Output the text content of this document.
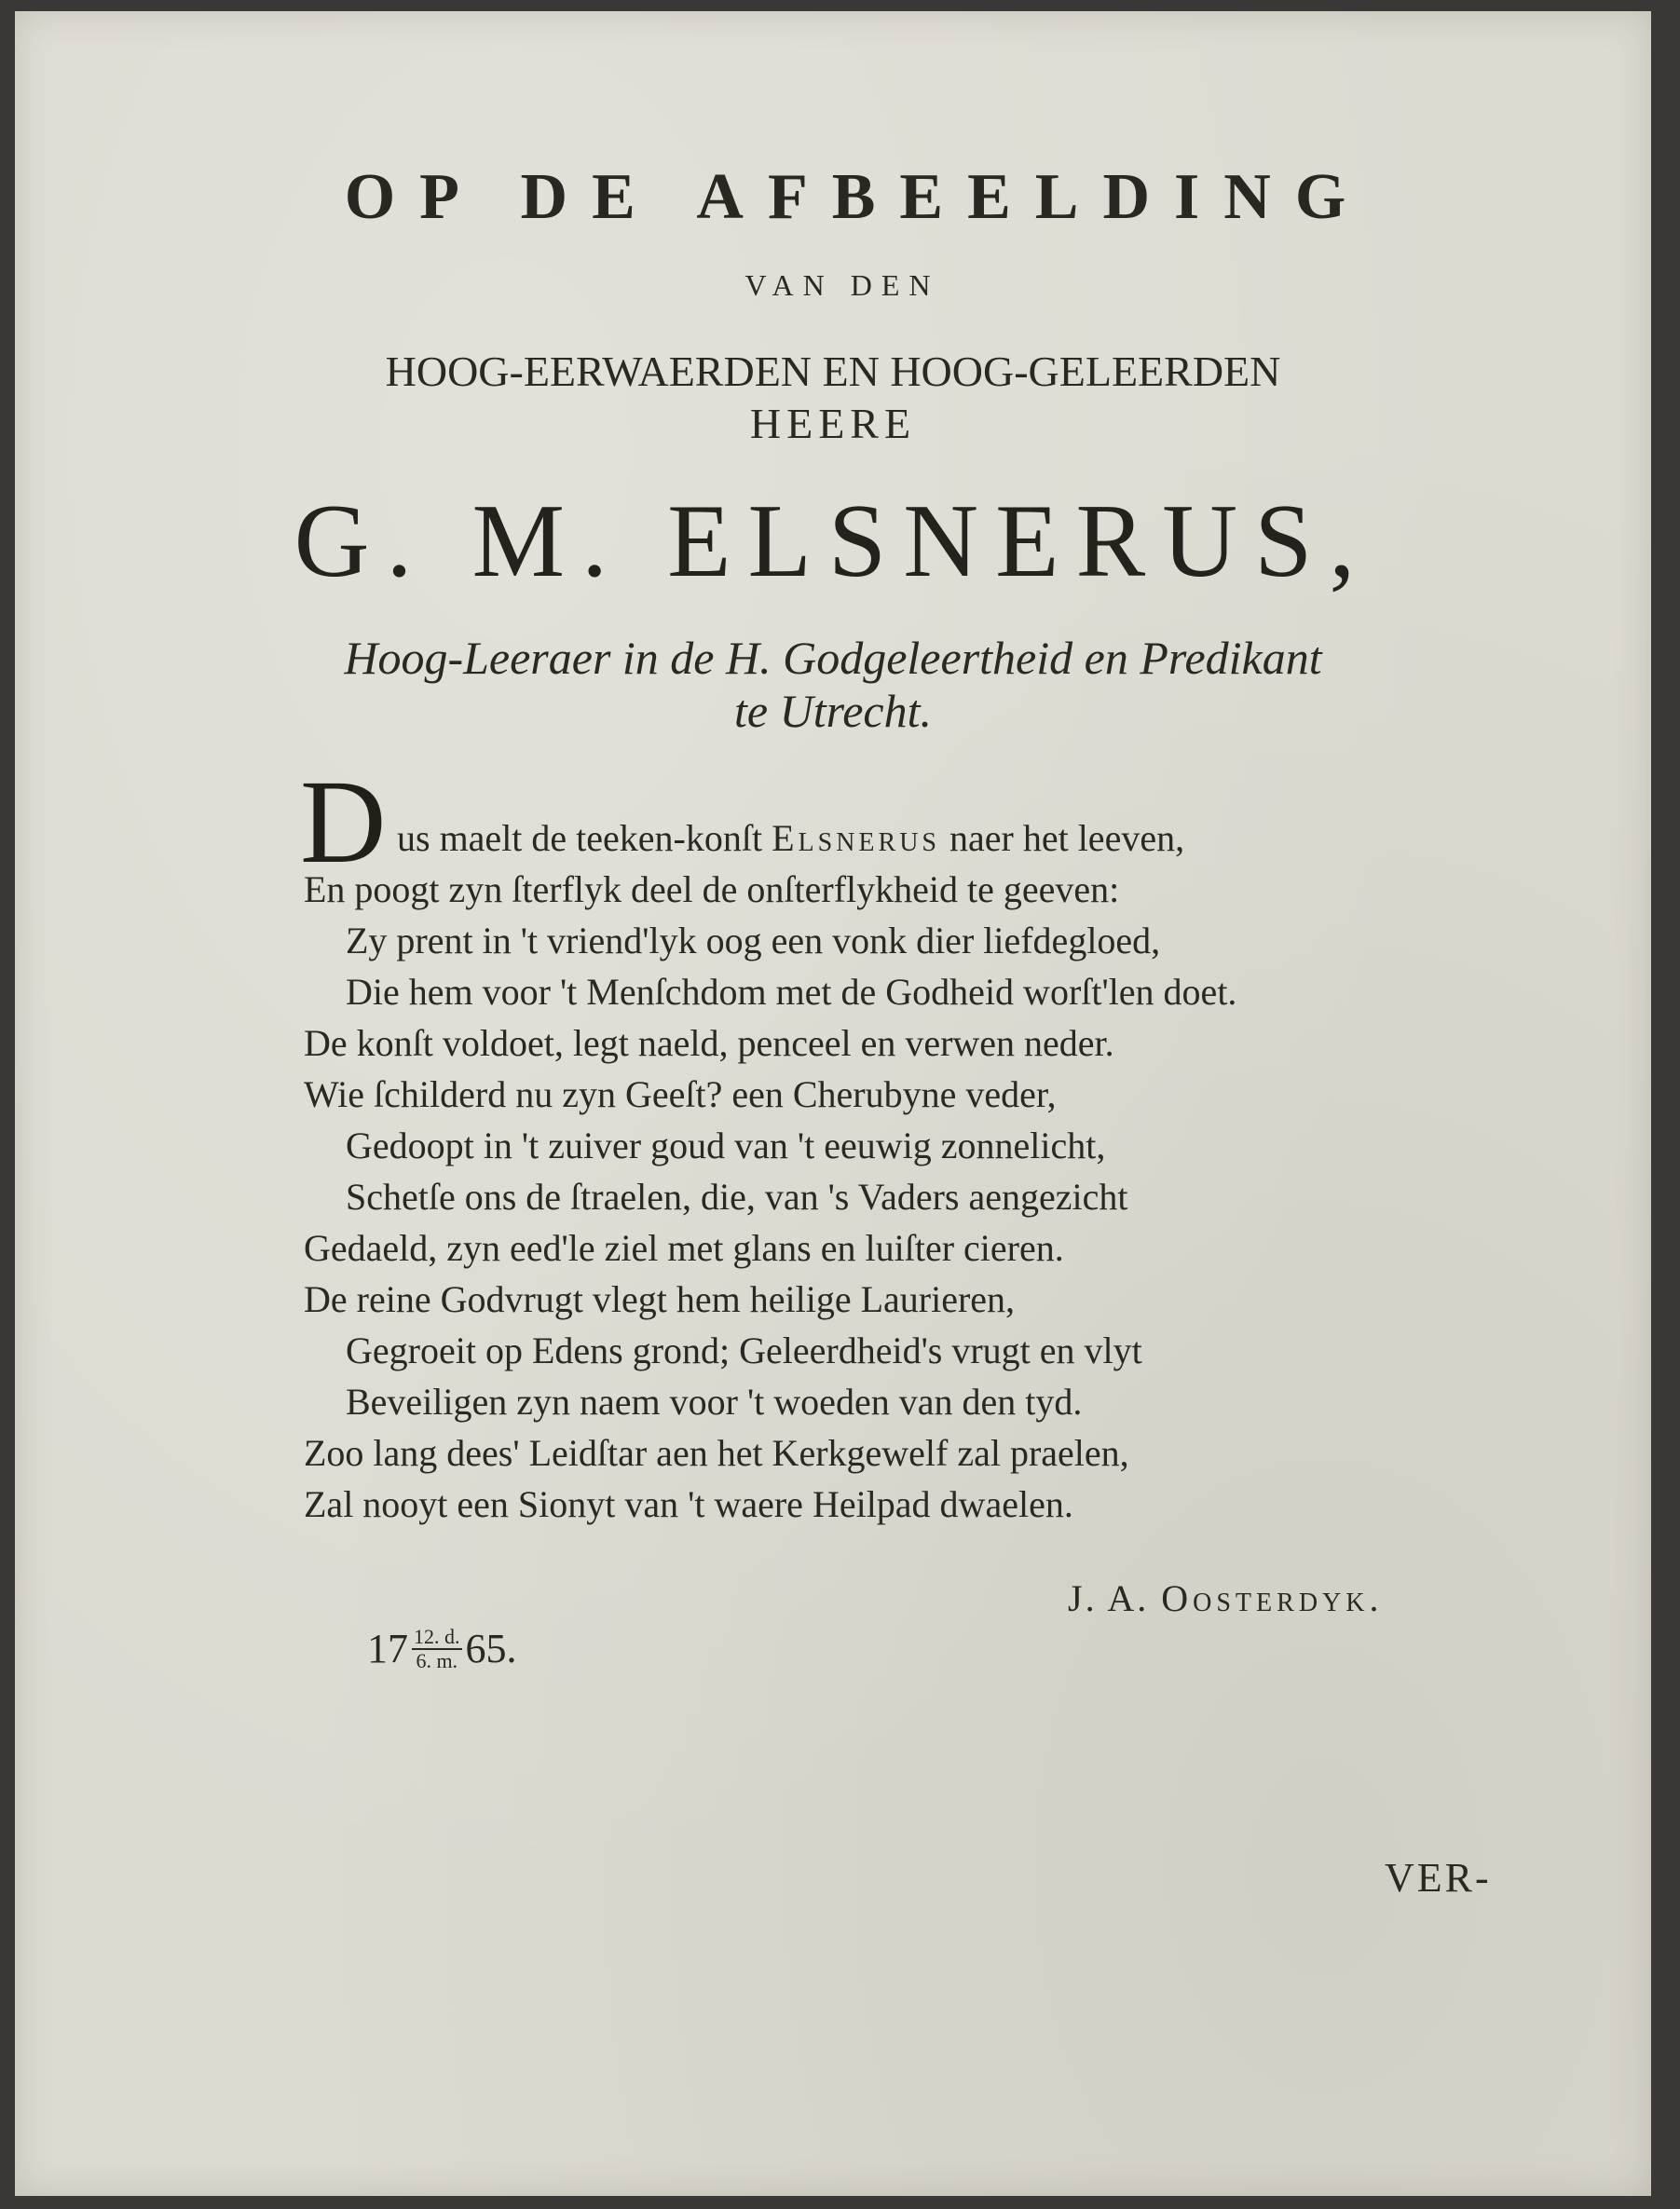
OP DE AFBEELDING
VAN DEN
HOOG-EERWAERDEN EN HOOG-GELEERDEN
HEERE
G. M. ELSNERUS,
Hoog-Leeraer in de H. Godgeleertheid en Predikant
te Utrecht.
D us maelt de teeken-konſt Elsnerus naer het leeven,
En poogt zyn ſterflyk deel de onſterflykheid te geeven:
Zy prent in 't vriend'lyk oog een vonk dier liefdegloed,
Die hem voor 't Menſchdom met de Godheid worſt'len doet.
De konſt voldoet, legt naeld, penceel en verwen neder.
Wie ſchilderd nu zyn Geeſt? een Cherubyne veder,
Gedoopt in 't zuiver goud van 't eeuwig zonnelicht,
Schetſe ons de ſtraelen, die, van 's Vaders aengezicht
Gedaeld, zyn eed'le ziel met glans en luiſter cieren.
De reine Godvrugt vlegt hem heilige Laurieren,
Gegroeit op Edens grond; Geleerdheid's vrugt en vlyt
Beveiligen zyn naem voor 't woeden van den tyd.
Zoo lang dees' Leidſtar aen het Kerkgewelf zal praelen,
Zal nooyt een Sionyt van 't waere Heilpad dwaelen.
J. A. Oosterdyk.
$17 \frac{12. d.}{6. m.} 65$.
VER-
